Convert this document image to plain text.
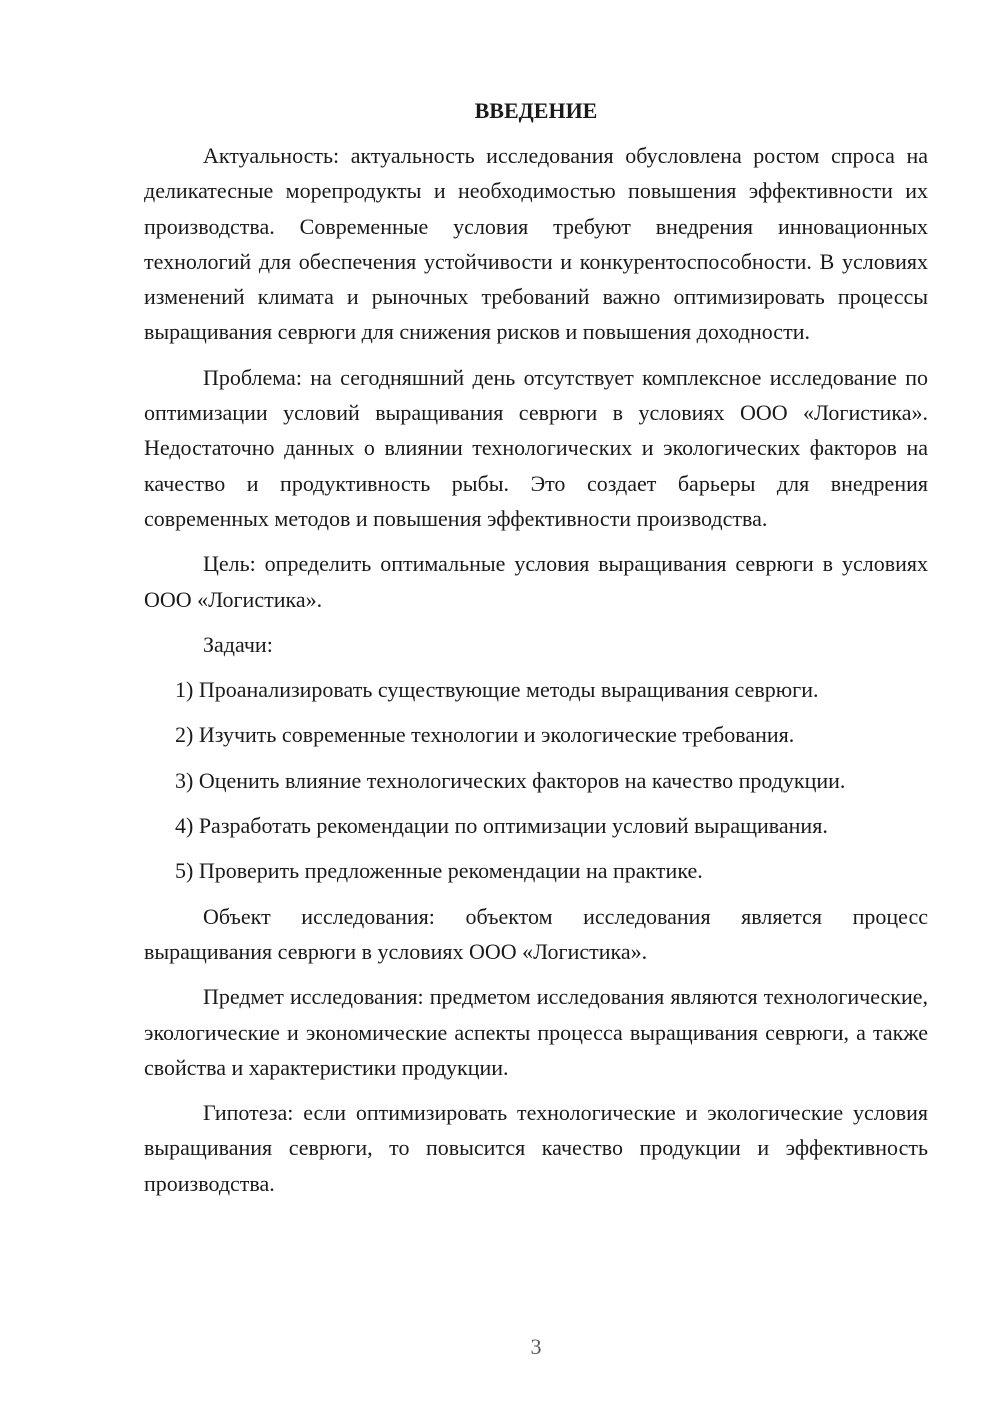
ВВЕДЕНИЕ

Актуальность: актуальность исследования обусловлена ростом спроса на деликатесные морепродукты и необходимостью повышения эффективности их производства. Современные условия требуют внедрения инновационных технологий для обеспечения устойчивости и конкурентоспособности. В условиях изменений климата и рыночных требований важно оптимизировать процессы выращивания севрюги для снижения рисков и повышения доходности.

Проблема: на сегодняшний день отсутствует комплексное исследование по оптимизации условий выращивания севрюги в условиях ООО «Логистика». Недостаточно данных о влиянии технологических и экологических факторов на качество и продуктивность рыбы. Это создает барьеры для внедрения современных методов и повышения эффективности производства.

Цель: определить оптимальные условия выращивания севрюги в условиях ООО «Логистика».

Задачи:

1) Проанализировать существующие методы выращивания севрюги.

2) Изучить современные технологии и экологические требования.

3) Оценить влияние технологических факторов на качество продукции.

4) Разработать рекомендации по оптимизации условий выращивания.

5) Проверить предложенные рекомендации на практике.

Объект исследования: объектом исследования является процесс выращивания севрюги в условиях ООО «Логистика».

Предмет исследования: предметом исследования являются технологические, экологические и экономические аспекты процесса выращивания севрюги, а также свойства и характеристики продукции.

Гипотеза: если оптимизировать технологические и экологические условия выращивания севрюги, то повысится качество продукции и эффективность производства.

3
